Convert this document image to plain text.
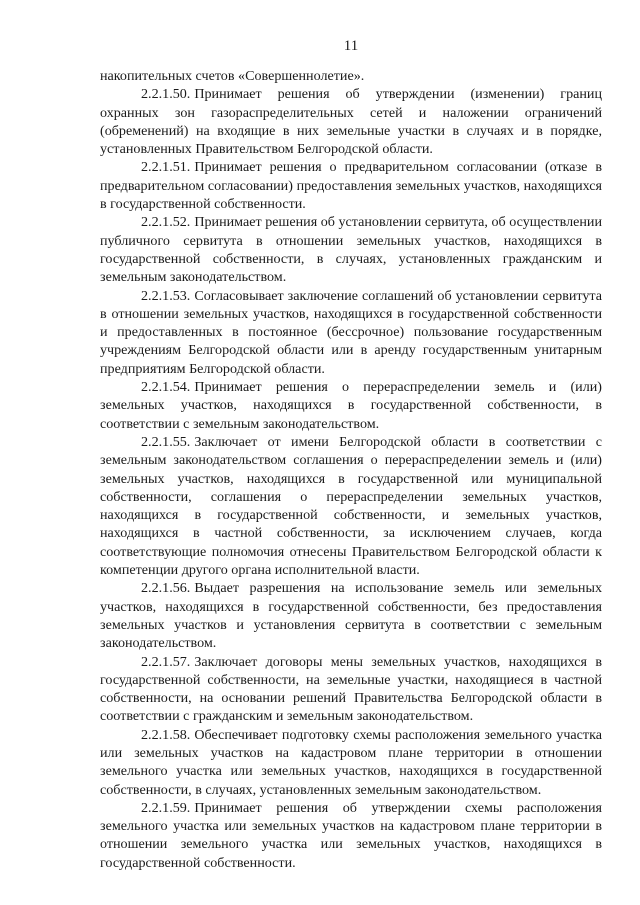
11

накопительных счетов «Совершеннолетие».

2.2.1.50. Принимает решения об утверждении (изменении) границ охранных зон газораспределительных сетей и наложении ограничений (обременений) на входящие в них земельные участки в случаях и в порядке, установленных Правительством Белгородской области.

2.2.1.51. Принимает решения о предварительном согласовании (отказе в предварительном согласовании) предоставления земельных участков, находящихся в государственной собственности.

2.2.1.52. Принимает решения об установлении сервитута, об осуществлении публичного сервитута в отношении земельных участков, находящихся в государственной собственности, в случаях, установленных гражданским и земельным законодательством.

2.2.1.53. Согласовывает заключение соглашений об установлении сервитута в отношении земельных участков, находящихся в государственной собственности и предоставленных в постоянное (бессрочное) пользование государственным учреждениям Белгородской области или в аренду государственным унитарным предприятиям Белгородской области.

2.2.1.54. Принимает решения о перераспределении земель и (или) земельных участков, находящихся в государственной собственности, в соответствии с земельным законодательством.

2.2.1.55. Заключает от имени Белгородской области в соответствии с земельным законодательством соглашения о перераспределении земель и (или) земельных участков, находящихся в государственной или муниципальной собственности, соглашения о перераспределении земельных участков, находящихся в государственной собственности, и земельных участков, находящихся в частной собственности, за исключением случаев, когда соответствующие полномочия отнесены Правительством Белгородской области к компетенции другого органа исполнительной власти.

2.2.1.56. Выдает разрешения на использование земель или земельных участков, находящихся в государственной собственности, без предоставления земельных участков и установления сервитута в соответствии с земельным законодательством.

2.2.1.57. Заключает договоры мены земельных участков, находящихся в государственной собственности, на земельные участки, находящиеся в частной собственности, на основании решений Правительства Белгородской области в соответствии с гражданским и земельным законодательством.

2.2.1.58. Обеспечивает подготовку схемы расположения земельного участка или земельных участков на кадастровом плане территории в отношении земельного участка или земельных участков, находящихся в государственной собственности, в случаях, установленных земельным законодательством.

2.2.1.59. Принимает решения об утверждении схемы расположения земельного участка или земельных участков на кадастровом плане территории в отношении земельного участка или земельных участков, находящихся в государственной собственности.
